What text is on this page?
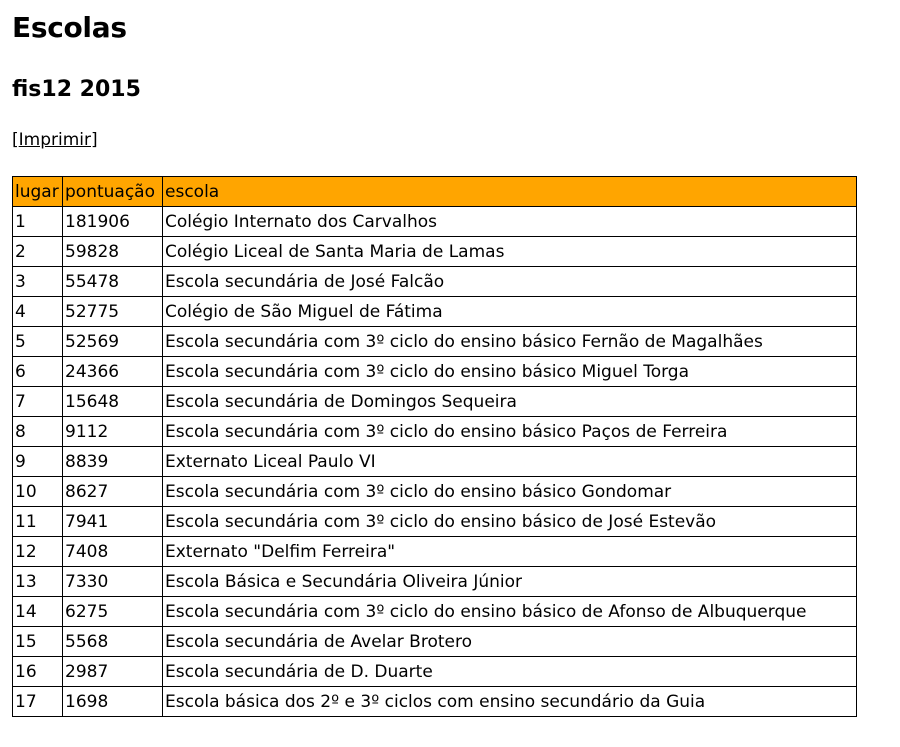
Escolas
fis12 2015
[Imprimir]
lugar	pontuação	escola
1	181906	Colégio Internato dos Carvalhos
2	59828	Colégio Liceal de Santa Maria de Lamas
3	55478	Escola secundária de José Falcão
4	52775	Colégio de São Miguel de Fátima
5	52569	Escola secundária com 3º ciclo do ensino básico Fernão de Magalhães
6	24366	Escola secundária com 3º ciclo do ensino básico Miguel Torga
7	15648	Escola secundária de Domingos Sequeira
8	9112	Escola secundária com 3º ciclo do ensino básico Paços de Ferreira
9	8839	Externato Liceal Paulo VI
10	8627	Escola secundária com 3º ciclo do ensino básico Gondomar
11	7941	Escola secundária com 3º ciclo do ensino básico de José Estevão
12	7408	Externato "Delfim Ferreira"
13	7330	Escola Básica e Secundária Oliveira Júnior
14	6275	Escola secundária com 3º ciclo do ensino básico de Afonso de Albuquerque
15	5568	Escola secundária de Avelar Brotero
16	2987	Escola secundária de D. Duarte
17	1698	Escola básica dos 2º e 3º ciclos com ensino secundário da Guia
